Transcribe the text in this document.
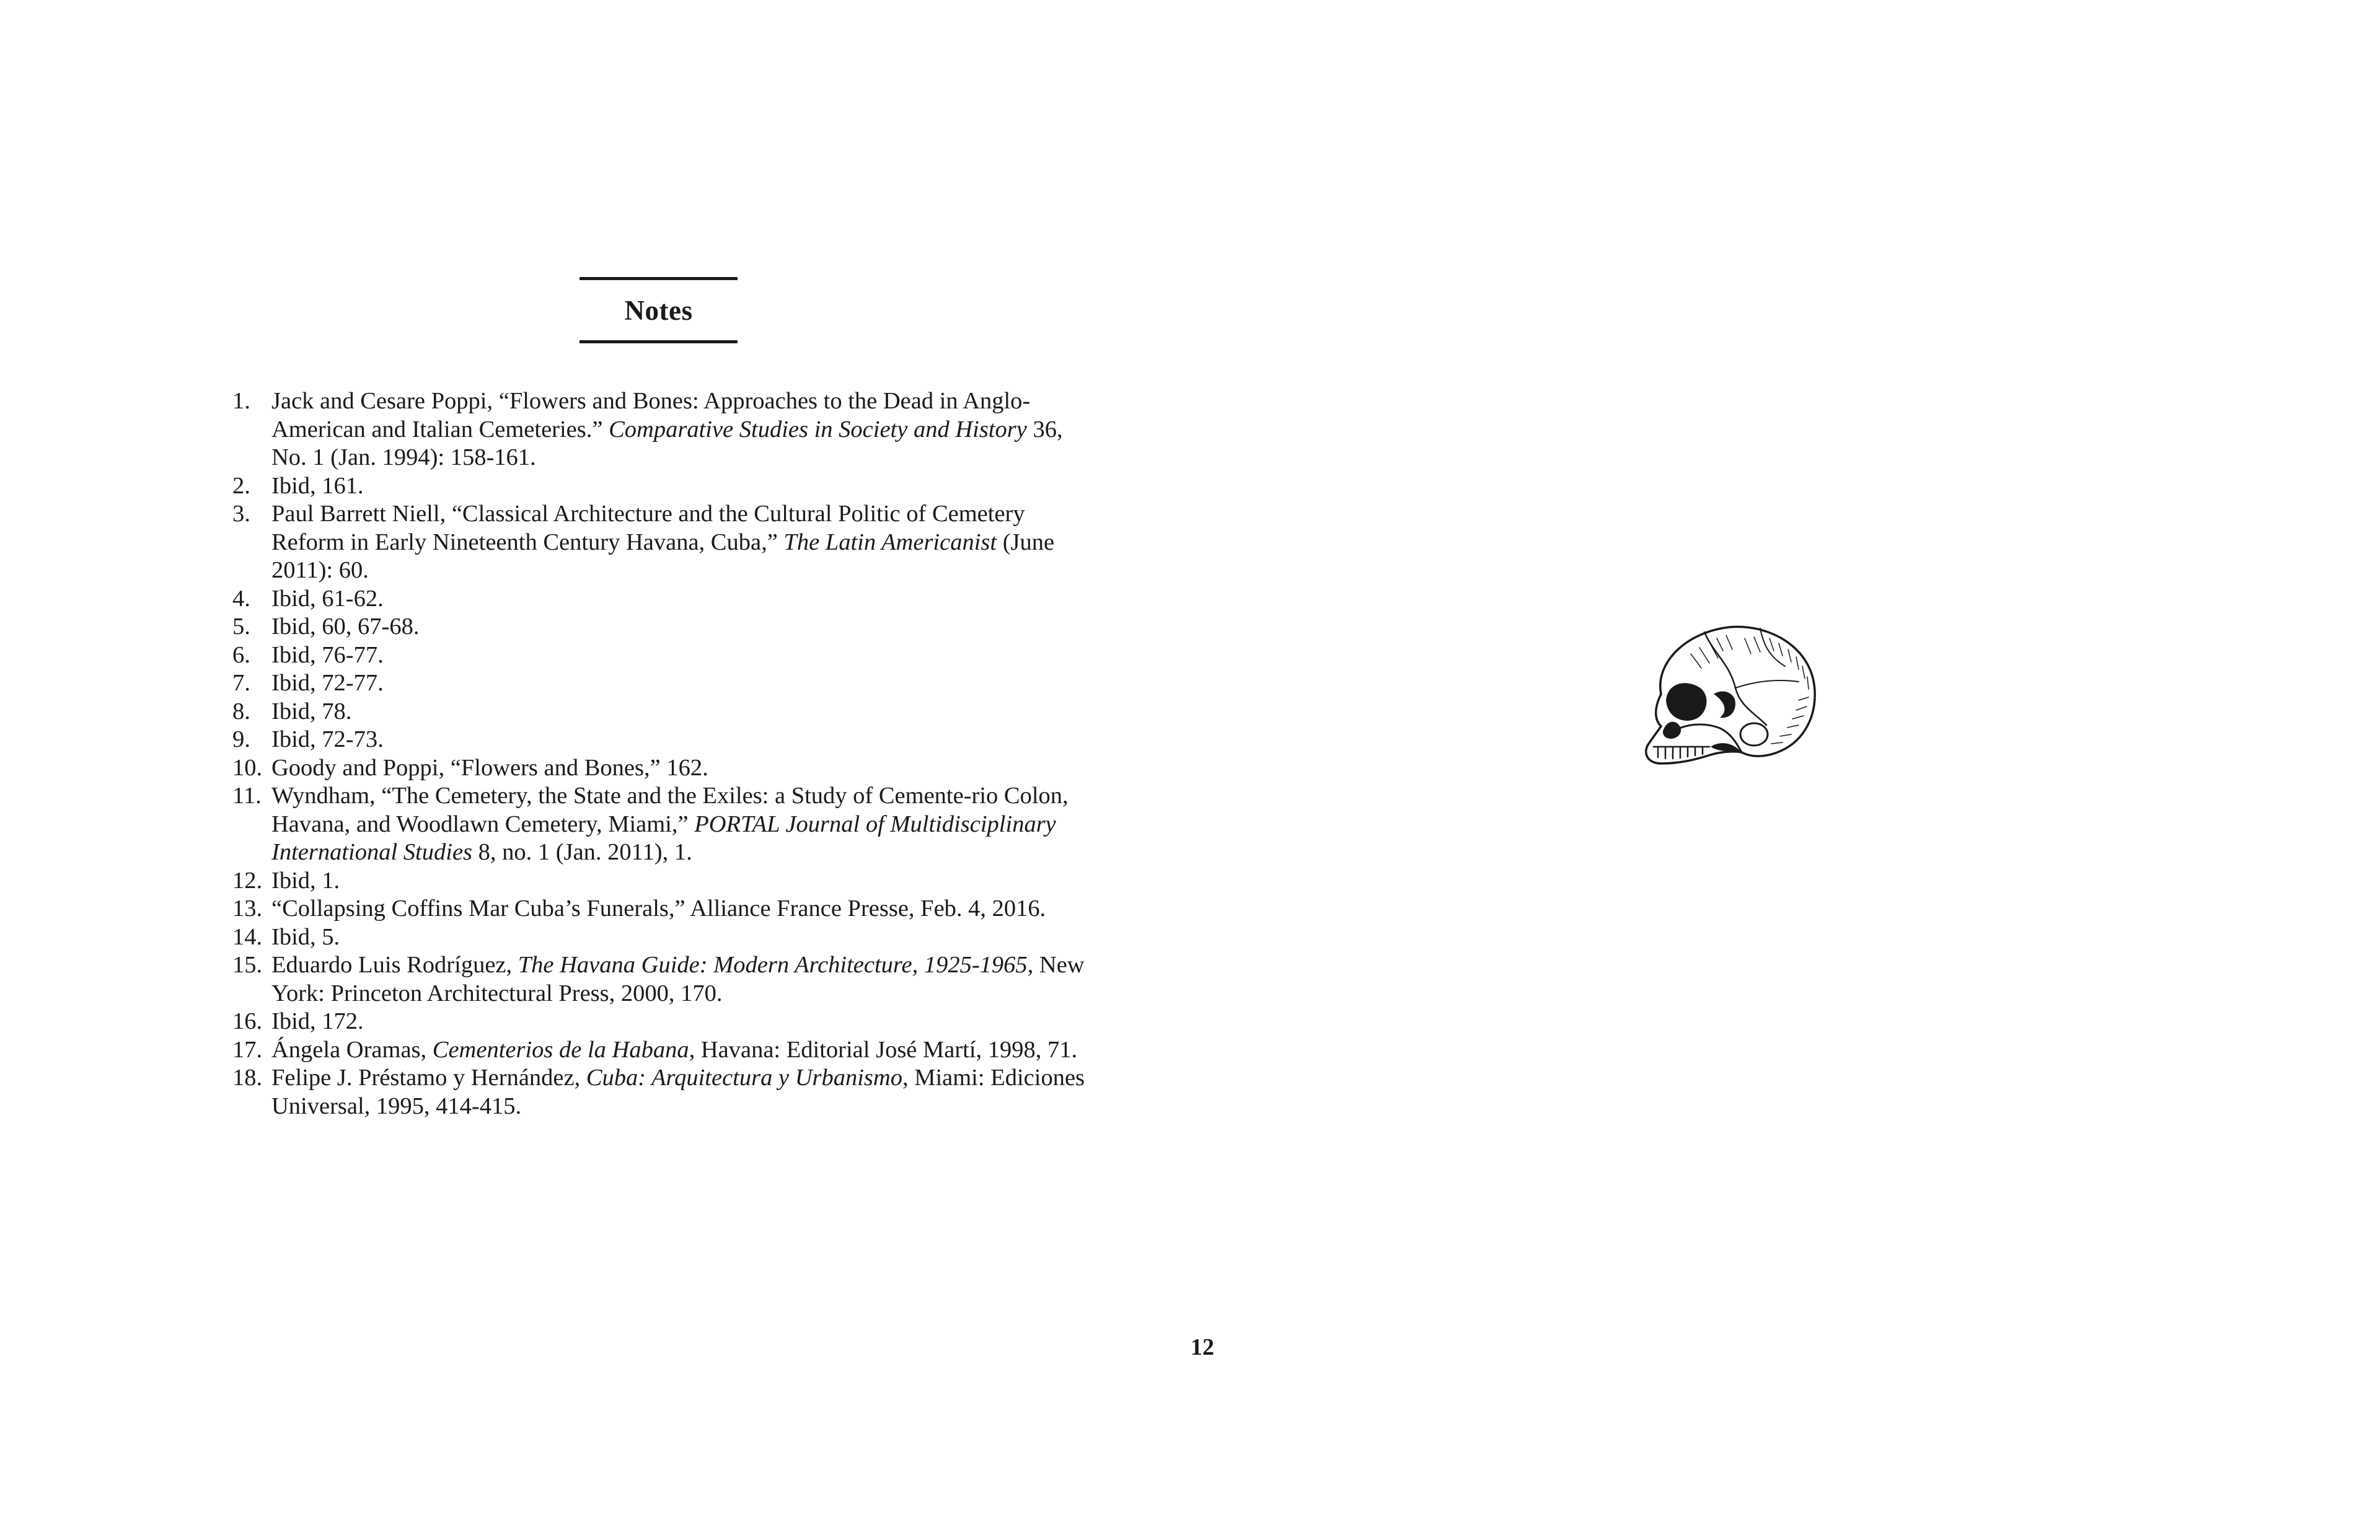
Notes
1. Jack and Cesare Poppi, “Flowers and Bones: Approaches to the Dead in Anglo-American and Italian Cemeteries.” Comparative Studies in Society and History 36, No. 1 (Jan. 1994): 158-161.
2. Ibid, 161.
3. Paul Barrett Niell, “Classical Architecture and the Cultural Politic of Cemetery Reform in Early Nineteenth Century Havana, Cuba,” The Latin Americanist (June 2011): 60.
4. Ibid, 61-62.
5. Ibid, 60, 67-68.
6. Ibid, 76-77.
7. Ibid, 72-77.
8. Ibid, 78.
9. Ibid, 72-73.
10. Goody and Poppi, “Flowers and Bones,” 162.
11. Wyndham, “The Cemetery, the State and the Exiles: a Study of Cemente-rio Colon, Havana, and Woodlawn Cemetery, Miami,” PORTAL Journal of Multidisciplinary International Studies 8, no. 1 (Jan. 2011), 1.
12. Ibid, 1.
13. “Collapsing Coffins Mar Cuba’s Funerals,” Alliance France Presse, Feb. 4, 2016.
14. Ibid, 5.
15. Eduardo Luis Rodríguez, The Havana Guide: Modern Architecture, 1925-1965, New York: Princeton Architectural Press, 2000, 170.
16. Ibid, 172.
17. Ángela Oramas, Cementerios de la Habana, Havana: Editorial José Martí, 1998, 71.
18. Felipe J. Préstamo y Hernández, Cuba: Arquitectura y Urbanismo, Miami: Ediciones Universal, 1995, 414-415.
12
